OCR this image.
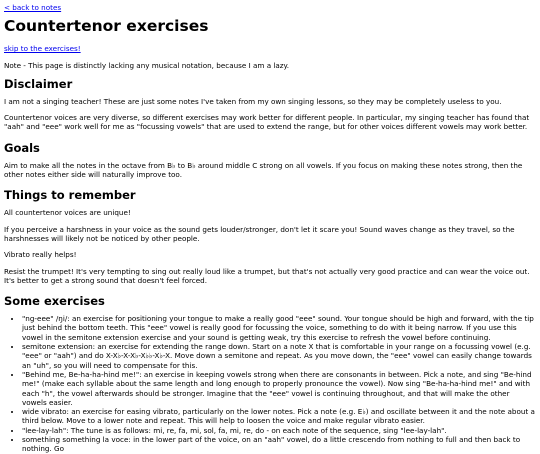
< back to notes
Countertenor exercises

skip to the exercises!

Note - This page is distinctly lacking any musical notation, because I am a lazy.

Disclaimer

I am not a singing teacher! These are just some notes I've taken from my own singing lessons, so they may be completely useless to you.

Countertenor voices are very diverse, so different exercises may work better for different people. In particular, my singing teacher has found that "aah" and "eee" work well for me as "focussing vowels" that are used to extend the range, but for other voices different vowels may work better.

Goals

Aim to make all the notes in the octave from B♭ to B♭ around middle C strong on all vowels. If you focus on making these notes strong, then the other notes either side will naturally improve too.

Things to remember

All countertenor voices are unique!

If you perceive a harshness in your voice as the sound gets louder/stronger, don't let it scare you! Sound waves change as they travel, so the harshnesses will likely not be noticed by other people.

Vibrato really helps!

Resist the trumpet! It's very tempting to sing out really loud like a trumpet, but that's not actually very good practice and can wear the voice out. It's better to get a strong sound that doesn't feel forced.

Some exercises
• "ng-eee" /ŋi/: an exercise for positioning your tongue to make a really good "eee" sound. Your tongue should be high and forward, with the tip just behind the bottom teeth. This "eee" vowel is really good for focussing the voice, something to do with it being narrow. If you use this vowel in the semitone extension exercise and your sound is getting weak, try this exercise to refresh the vowel before continuing.
• semitone extension: an exercise for extending the range down. Start on a note X that is comfortable in your range on a focussing vowel (e.g. "eee" or "aah") and do X-X♭-X-X♭-X♭♭-X♭-X. Move down a semitone and repeat. As you move down, the "eee" vowel can easily change towards an "uh", so you will need to compensate for this.
• "Behind me, Be-ha-ha-hind me!": an exercise in keeping vowels strong when there are consonants in between. Pick a note, and sing "Be-hind me!" (make each syllable about the same length and long enough to properly pronounce the vowel). Now sing "Be-ha-ha-hind me!" and with each "h", the vowel afterwards should be stronger. Imagine that the "eee" vowel is continuing throughout, and that will make the other vowels easier.
• wide vibrato: an exercise for easing vibrato, particularly on the lower notes. Pick a note (e.g. E♭) and oscillate between it and the note about a third below. Move to a lower note and repeat. This will help to loosen the voice and make regular vibrato easier.
• "lee-lay-lah": The tune is as follows: mi, re, fa, mi, sol, fa, mi, re, do - on each note of the sequence, sing "lee-lay-lah".
• something something la voce: in the lower part of the voice, on an "aah" vowel, do a little crescendo from nothing to full and then back to nothing. Go
